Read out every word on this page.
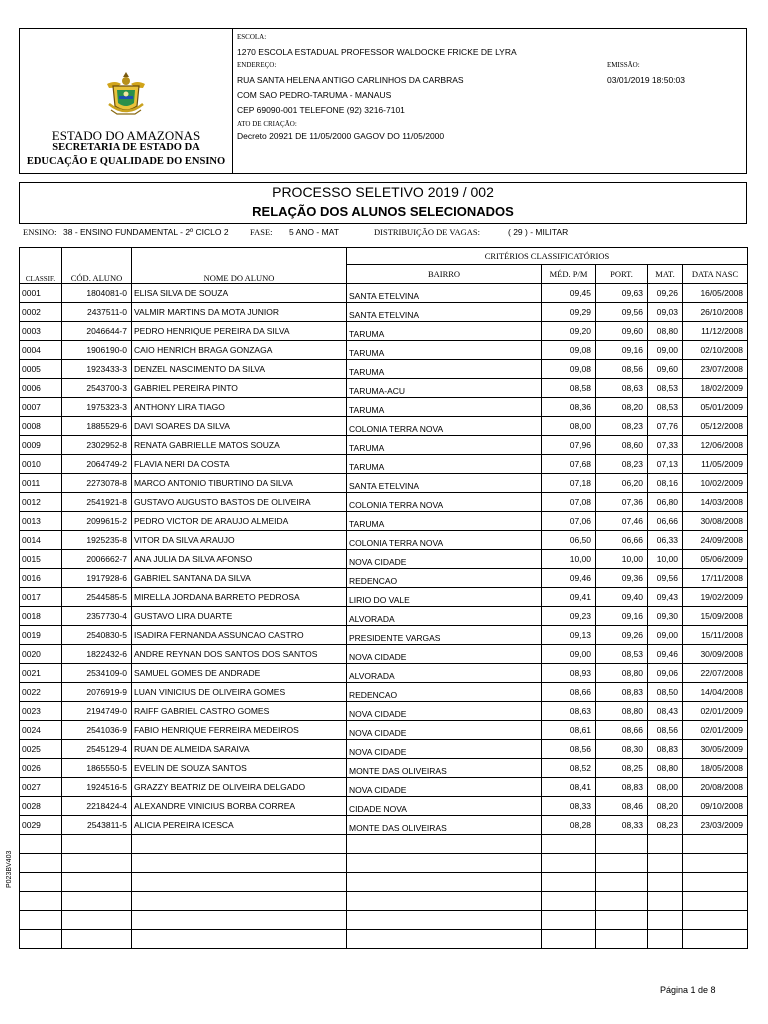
ESTADO DO AMAZONAS
SECRETARIA DE ESTADO DA
EDUCAÇÃO E QUALIDADE DO ENSINO
ESCOLA:
1270 ESCOLA ESTADUAL PROFESSOR WALDOCKE FRICKE DE LYRA
ENDEREÇO:
RUA SANTA HELENA ANTIGO CARLINHOS DA CARBRAS
COM SAO PEDRO-TARUMA - MANAUS
CEP 69090-001 TELEFONE (92) 3216-7101
ATO DE CRIAÇÃO:
Decreto 20921 DE 11/05/2000 GAGOV DO 11/05/2000
EMISSÃO:
03/01/2019 18:50:03
PROCESSO SELETIVO 2019 / 002
RELAÇÃO DOS ALUNOS SELECIONADOS
ENSINO: 38 - ENSINO FUNDAMENTAL - 2º CICLO 2	FASE: 5 ANO - MAT	DISTRIBUIÇÃO DE VAGAS:	( 29 ) - MILITAR
CLASSIF.	CÓD. ALUNO	NOME DO ALUNO	CRITÉRIOS CLASSIFICATÓRIOS				
			BAIRRO	MÉD. P/M	PORT.	MAT.	DATA NASC
0001	1804081-0	ELISA SILVA DE SOUZA	SANTA ETELVINA	09,45	09,63	09,26	16/05/2008
0002	2437511-0	VALMIR MARTINS DA MOTA JUNIOR	SANTA ETELVINA	09,29	09,56	09,03	26/10/2008
0003	2046644-7	PEDRO HENRIQUE PEREIRA DA SILVA	TARUMA	09,20	09,60	08,80	11/12/2008
0004	1906190-0	CAIO HENRICH BRAGA GONZAGA	TARUMA	09,08	09,16	09,00	02/10/2008
0005	1923433-3	DENZEL NASCIMENTO DA SILVA	TARUMA	09,08	08,56	09,60	23/07/2008
0006	2543700-3	GABRIEL PEREIRA PINTO	TARUMA-ACU	08,58	08,63	08,53	18/02/2009
0007	1975323-3	ANTHONY LIRA TIAGO	TARUMA	08,36	08,20	08,53	05/01/2009
0008	1885529-6	DAVI SOARES DA SILVA	COLONIA TERRA NOVA	08,00	08,23	07,76	05/12/2008
0009	2302952-8	RENATA GABRIELLE MATOS SOUZA	TARUMA	07,96	08,60	07,33	12/06/2008
0010	2064749-2	FLAVIA NERI DA COSTA	TARUMA	07,68	08,23	07,13	11/05/2009
0011	2273078-8	MARCO ANTONIO TIBURTINO DA SILVA	SANTA ETELVINA	07,18	06,20	08,16	10/02/2009
0012	2541921-8	GUSTAVO AUGUSTO BASTOS DE OLIVEIRA	COLONIA TERRA NOVA	07,08	07,36	06,80	14/03/2008
0013	2099615-2	PEDRO VICTOR DE ARAUJO ALMEIDA	TARUMA	07,06	07,46	06,66	30/08/2008
0014	1925235-8	VITOR DA SILVA ARAUJO	COLONIA TERRA NOVA	06,50	06,66	06,33	24/09/2008
0015	2006662-7	ANA JULIA DA SILVA AFONSO	NOVA CIDADE	10,00	10,00	10,00	05/06/2009
0016	1917928-6	GABRIEL SANTANA DA SILVA	REDENCAO	09,46	09,36	09,56	17/11/2008
0017	2544585-5	MIRELLA JORDANA BARRETO PEDROSA	LIRIO DO VALE	09,41	09,40	09,43	19/02/2009
0018	2357730-4	GUSTAVO LIRA DUARTE	ALVORADA	09,23	09,16	09,30	15/09/2008
0019	2540830-5	ISADIRA FERNANDA ASSUNCAO CASTRO	PRESIDENTE VARGAS	09,13	09,26	09,00	15/11/2008
0020	1822432-6	ANDRE REYNAN DOS SANTOS DOS SANTOS	NOVA CIDADE	09,00	08,53	09,46	30/09/2008
0021	2534109-0	SAMUEL GOMES DE ANDRADE	ALVORADA	08,93	08,80	09,06	22/07/2008
0022	2076919-9	LUAN VINICIUS DE OLIVEIRA GOMES	REDENCAO	08,66	08,83	08,50	14/04/2008
0023	2194749-0	RAIFF GABRIEL CASTRO GOMES	NOVA CIDADE	08,63	08,80	08,43	02/01/2009
0024	2541036-9	FABIO HENRIQUE FERREIRA MEDEIROS	NOVA CIDADE	08,61	08,66	08,56	02/01/2009
0025	2545129-4	RUAN DE ALMEIDA SARAIVA	NOVA CIDADE	08,56	08,30	08,83	30/05/2009
0026	1865550-5	EVELIN DE SOUZA SANTOS	MONTE DAS OLIVEIRAS	08,52	08,25	08,80	18/05/2008
0027	1924516-5	GRAZZY BEATRIZ DE OLIVEIRA DELGADO	NOVA CIDADE	08,41	08,83	08,00	20/08/2008
0028	2218424-4	ALEXANDRE VINICIUS BORBA CORREA	CIDADE NOVA	08,33	08,46	08,20	09/10/2008
0029	2543811-5	ALICIA PEREIRA ICESCA	MONTE DAS OLIVEIRAS	08,28	08,33	08,23	23/03/2009

P023BV403
Página 1 de 8
